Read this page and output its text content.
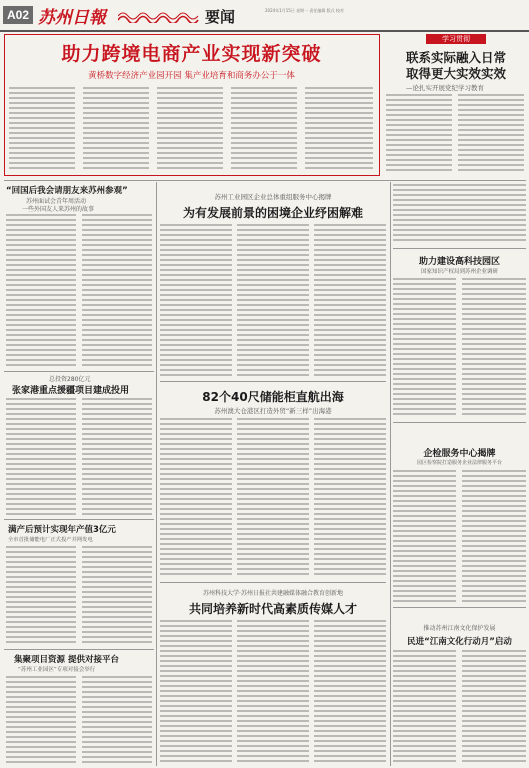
A02 苏州日報	要闻	2024年1月15日 星期一 责任编辑 版式 校对
助力跨境电商产业实现新突破
黄桥数字经济产业园开园 集产业培育和商务办公于一体
学习贯彻
联系实际融入日常
取得更大实效实效
—论扎实开展党纪学习教育
“回国后我会请朋友来苏州参观”
苏州面试会青年周活动
一些外国友人来苏州的故事
总投资280亿元
张家港重点援疆项目建成投用
满产后预计实现年产值3亿元
全市首批储能电厂正式投产并网发电
集聚项目资源 提供对接平台
“苏州工业园区”专项对接会举行
苏州工业园区企业总体重组服务中心揭牌
为有发展前景的困境企业纾困解难
82个40尺储能柜直航出海
苏州澳大仓港区打造外贸“新三样”出海港
苏州科技大学·苏州日报社共建融媒体融合教育创新地
共同培养新时代高素质传媒人才
助力建设高科技园区
国家知识产权局到苏州企业调研
企检服务中心揭牌
园区检察院打造服务企业法律服务平台
推动苏州江南文化保护发展
民进“江南文化行动月”启动
